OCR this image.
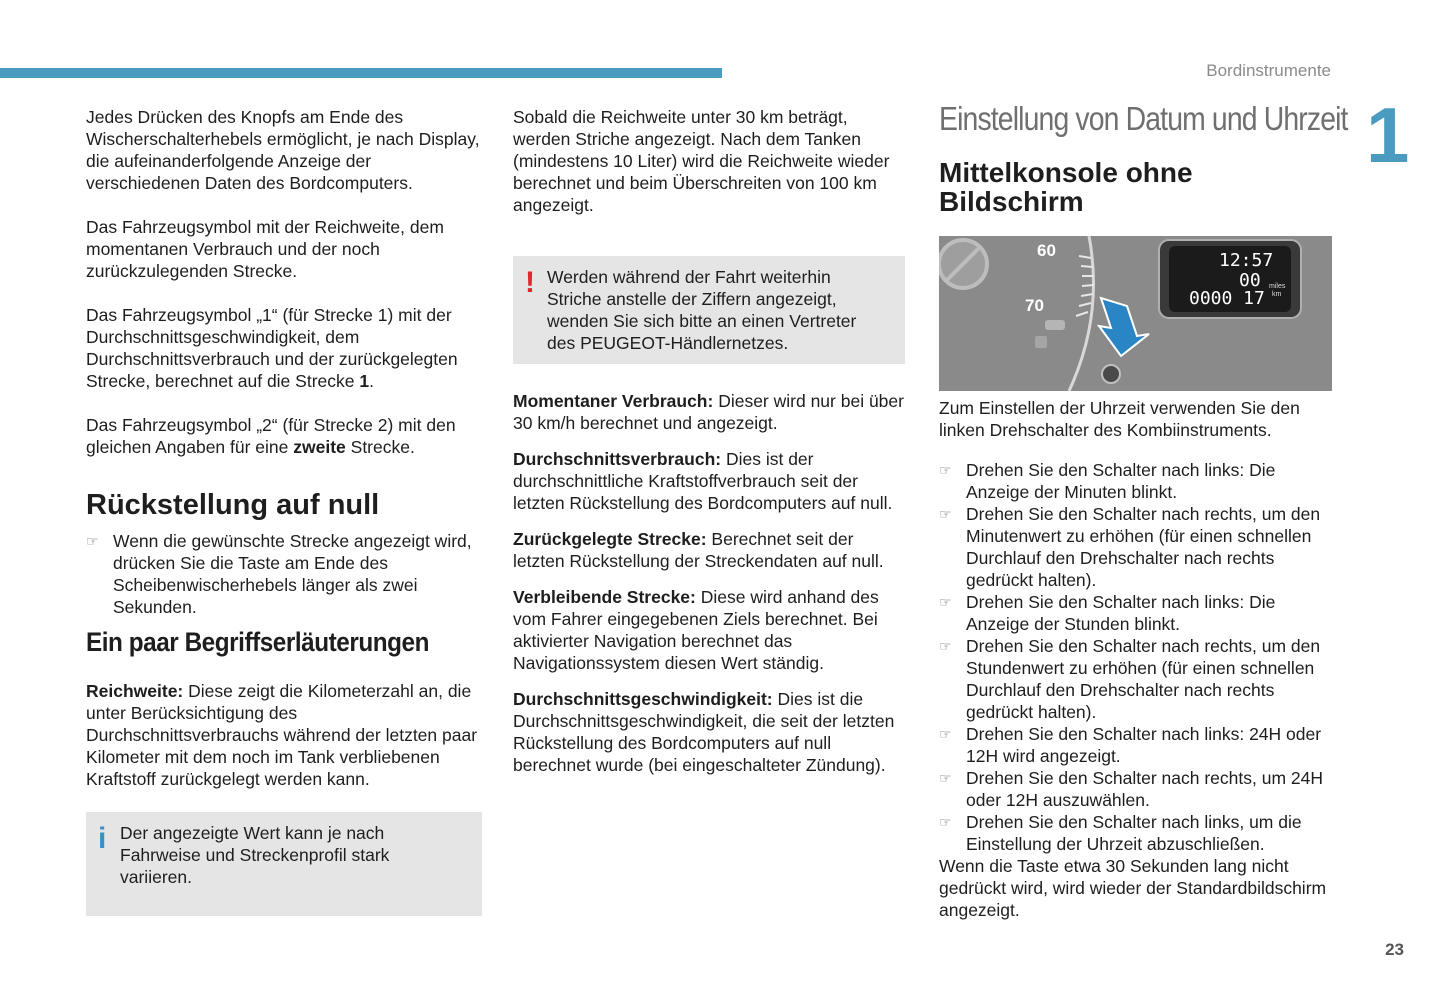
Bordinstrumente
1

Jedes Drücken des Knopfs am Ende des Wischerschalterhebels ermöglicht, je nach Display, die aufeinanderfolgende Anzeige der verschiedenen Daten des Bordcomputers.

Das Fahrzeugsymbol mit der Reichweite, dem momentanen Verbrauch und der noch zurückzulegenden Strecke.

Das Fahrzeugsymbol „1“ (für Strecke 1) mit der Durchschnittsgeschwindigkeit, dem Durchschnittsverbrauch und der zurückgelegten Strecke, berechnet auf die Strecke 1.

Das Fahrzeugsymbol „2“ (für Strecke 2) mit den gleichen Angaben für eine zweite Strecke.

Rückstellung auf null
☞ Wenn die gewünschte Strecke angezeigt wird, drücken Sie die Taste am Ende des Scheibenwischerhebels länger als zwei Sekunden.
Ein paar Begriffserläuterungen

Reichweite: Diese zeigt die Kilometerzahl an, die unter Berücksichtigung des Durchschnittsverbrauchs während der letzten paar Kilometer mit dem noch im Tank verbliebenen Kraftstoff zurückgelegt werden kann.

i Der angezeigte Wert kann je nach Fahrweise und Streckenprofil stark variieren.

Sobald die Reichweite unter 30 km beträgt, werden Striche angezeigt. Nach dem Tanken (mindestens 10 Liter) wird die Reichweite wieder berechnet und beim Überschreiten von 100 km angezeigt.

! Werden während der Fahrt weiterhin Striche anstelle der Ziffern angezeigt, wenden Sie sich bitte an einen Vertreter des PEUGEOT-Händlernetzes.

Momentaner Verbrauch: Dieser wird nur bei über 30 km/h berechnet und angezeigt.

Durchschnittsverbrauch: Dies ist der durchschnittliche Kraftstoffverbrauch seit der letzten Rückstellung des Bordcomputers auf null.

Zurückgelegte Strecke: Berechnet seit der letzten Rückstellung der Streckendaten auf null.

Verbleibende Strecke: Diese wird anhand des vom Fahrer eingegebenen Ziels berechnet. Bei aktivierter Navigation berechnet das Navigationssystem diesen Wert ständig.

Durchschnittsgeschwindigkeit: Dies ist die Durchschnittsgeschwindigkeit, die seit der letzten Rückstellung des Bordcomputers auf null berechnet wurde (bei eingeschalteter Zündung).

Einstellung von Datum und Uhrzeit
Mittelkonsole ohne Bildschirm
60
70
12:57
00
0000 17
miles
km

Zum Einstellen der Uhrzeit verwenden Sie den linken Drehschalter des Kombiinstruments.

☞ Drehen Sie den Schalter nach links: Die Anzeige der Minuten blinkt.
☞ Drehen Sie den Schalter nach rechts, um den Minutenwert zu erhöhen (für einen schnellen Durchlauf den Drehschalter nach rechts gedrückt halten).
☞ Drehen Sie den Schalter nach links: Die Anzeige der Stunden blinkt.
☞ Drehen Sie den Schalter nach rechts, um den Stundenwert zu erhöhen (für einen schnellen Durchlauf den Drehschalter nach rechts gedrückt halten).
☞ Drehen Sie den Schalter nach links: 24H oder 12H wird angezeigt.
☞ Drehen Sie den Schalter nach rechts, um 24H oder 12H auszuwählen.
☞ Drehen Sie den Schalter nach links, um die Einstellung der Uhrzeit abzuschließen.

Wenn die Taste etwa 30 Sekunden lang nicht gedrückt wird, wird wieder der Standardbildschirm angezeigt.

23
